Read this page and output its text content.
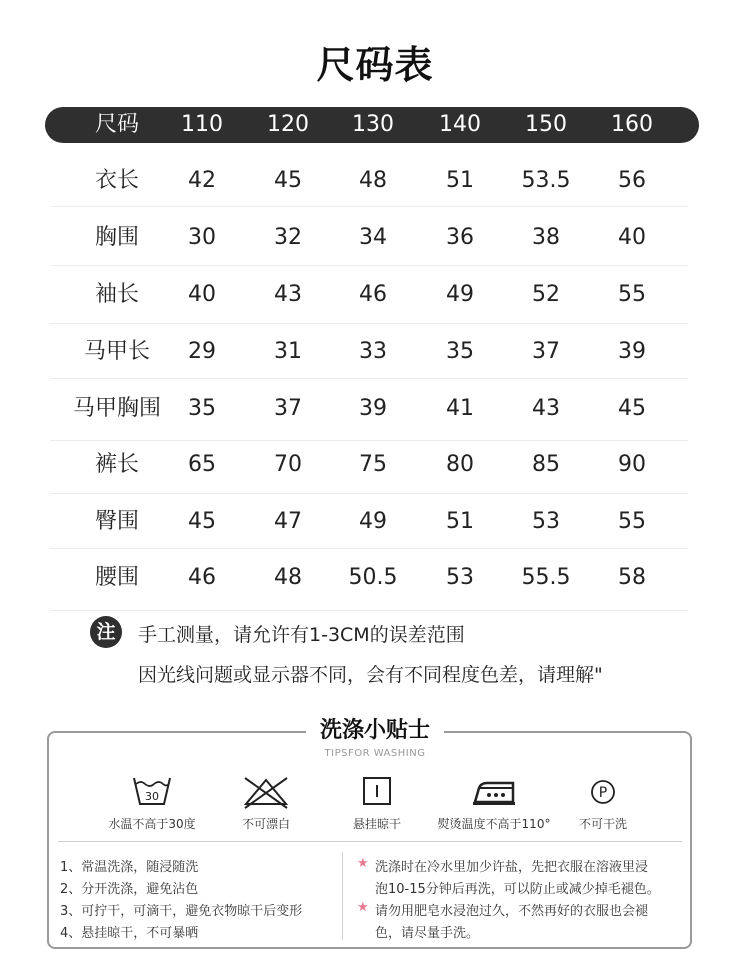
尺码表
尺码	110	120	130	140	150	160
衣长	42	45	48	51	53.5	56
胸围	30	32	34	36	38	40
袖长	40	43	46	49	52	55
马甲长	29	31	33	35	37	39
马甲胸围	35	37	39	41	43	45
裤长	65	70	75	80	85	90
臀围	45	47	49	51	53	55
腰围	46	48	50.5	53	55.5	58
注	手工测量，请允许有1-3CM的误差范围
因光线问题或显示器不同，会有不同程度色差，请理解"
洗涤小贴士
TIPSFOR WASHING
30
水温不高于30度	不可漂白	悬挂晾干	熨烫温度不高于110°
P
不可干洗
1、常温洗涤，随浸随洗
2、分开洗涤，避免沾色
3、可拧干，可滴干，避免衣物晾干后变形
4、悬挂晾干，不可暴晒
★ 洗涤时在冷水里加少许盐，先把衣服在溶液里浸
泡10-15分钟后再洗，可以防止或减少掉毛褪色。
★ 请勿用肥皂水浸泡过久，不然再好的衣服也会褪
色，请尽量手洗。
